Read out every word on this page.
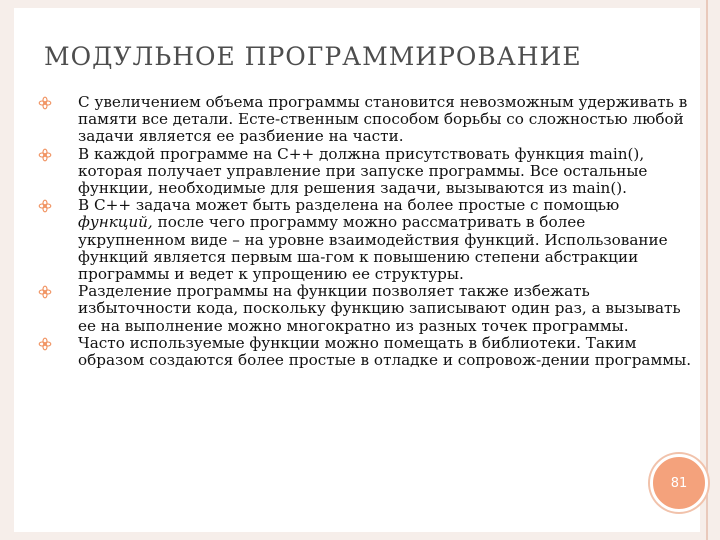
МОДУЛЬНОЕ ПРОГРАММИРОВАНИЕ
С увеличением объема программы становится невозможным удерживать в памяти все детали. Есте-ственным способом борьбы со сложностью любой задачи является ее разбиение на части.
В каждой программе на С++ должна присутствовать функция main(), которая получает управление при запуске программы. Все остальные функции, необходимые для решения задачи, вызываются из main().
В С++ задача может быть разделена на более простые с помощью функций, после чего программу можно рассматривать в более укрупненном виде – на уровне взаимодействия функций. Использование функций является первым ша-гом к повышению степени абстракции программы и ведет к упрощению ее структуры.
Разделение программы на функции позволяет также избежать избыточности кода, поскольку функцию записывают один раз, а вызывать ее на выполнение можно многократно из разных точек программы.
Часто используемые функции можно помещать в библиотеки. Таким образом создаются более простые в отладке и сопровож-дении программы.
81
